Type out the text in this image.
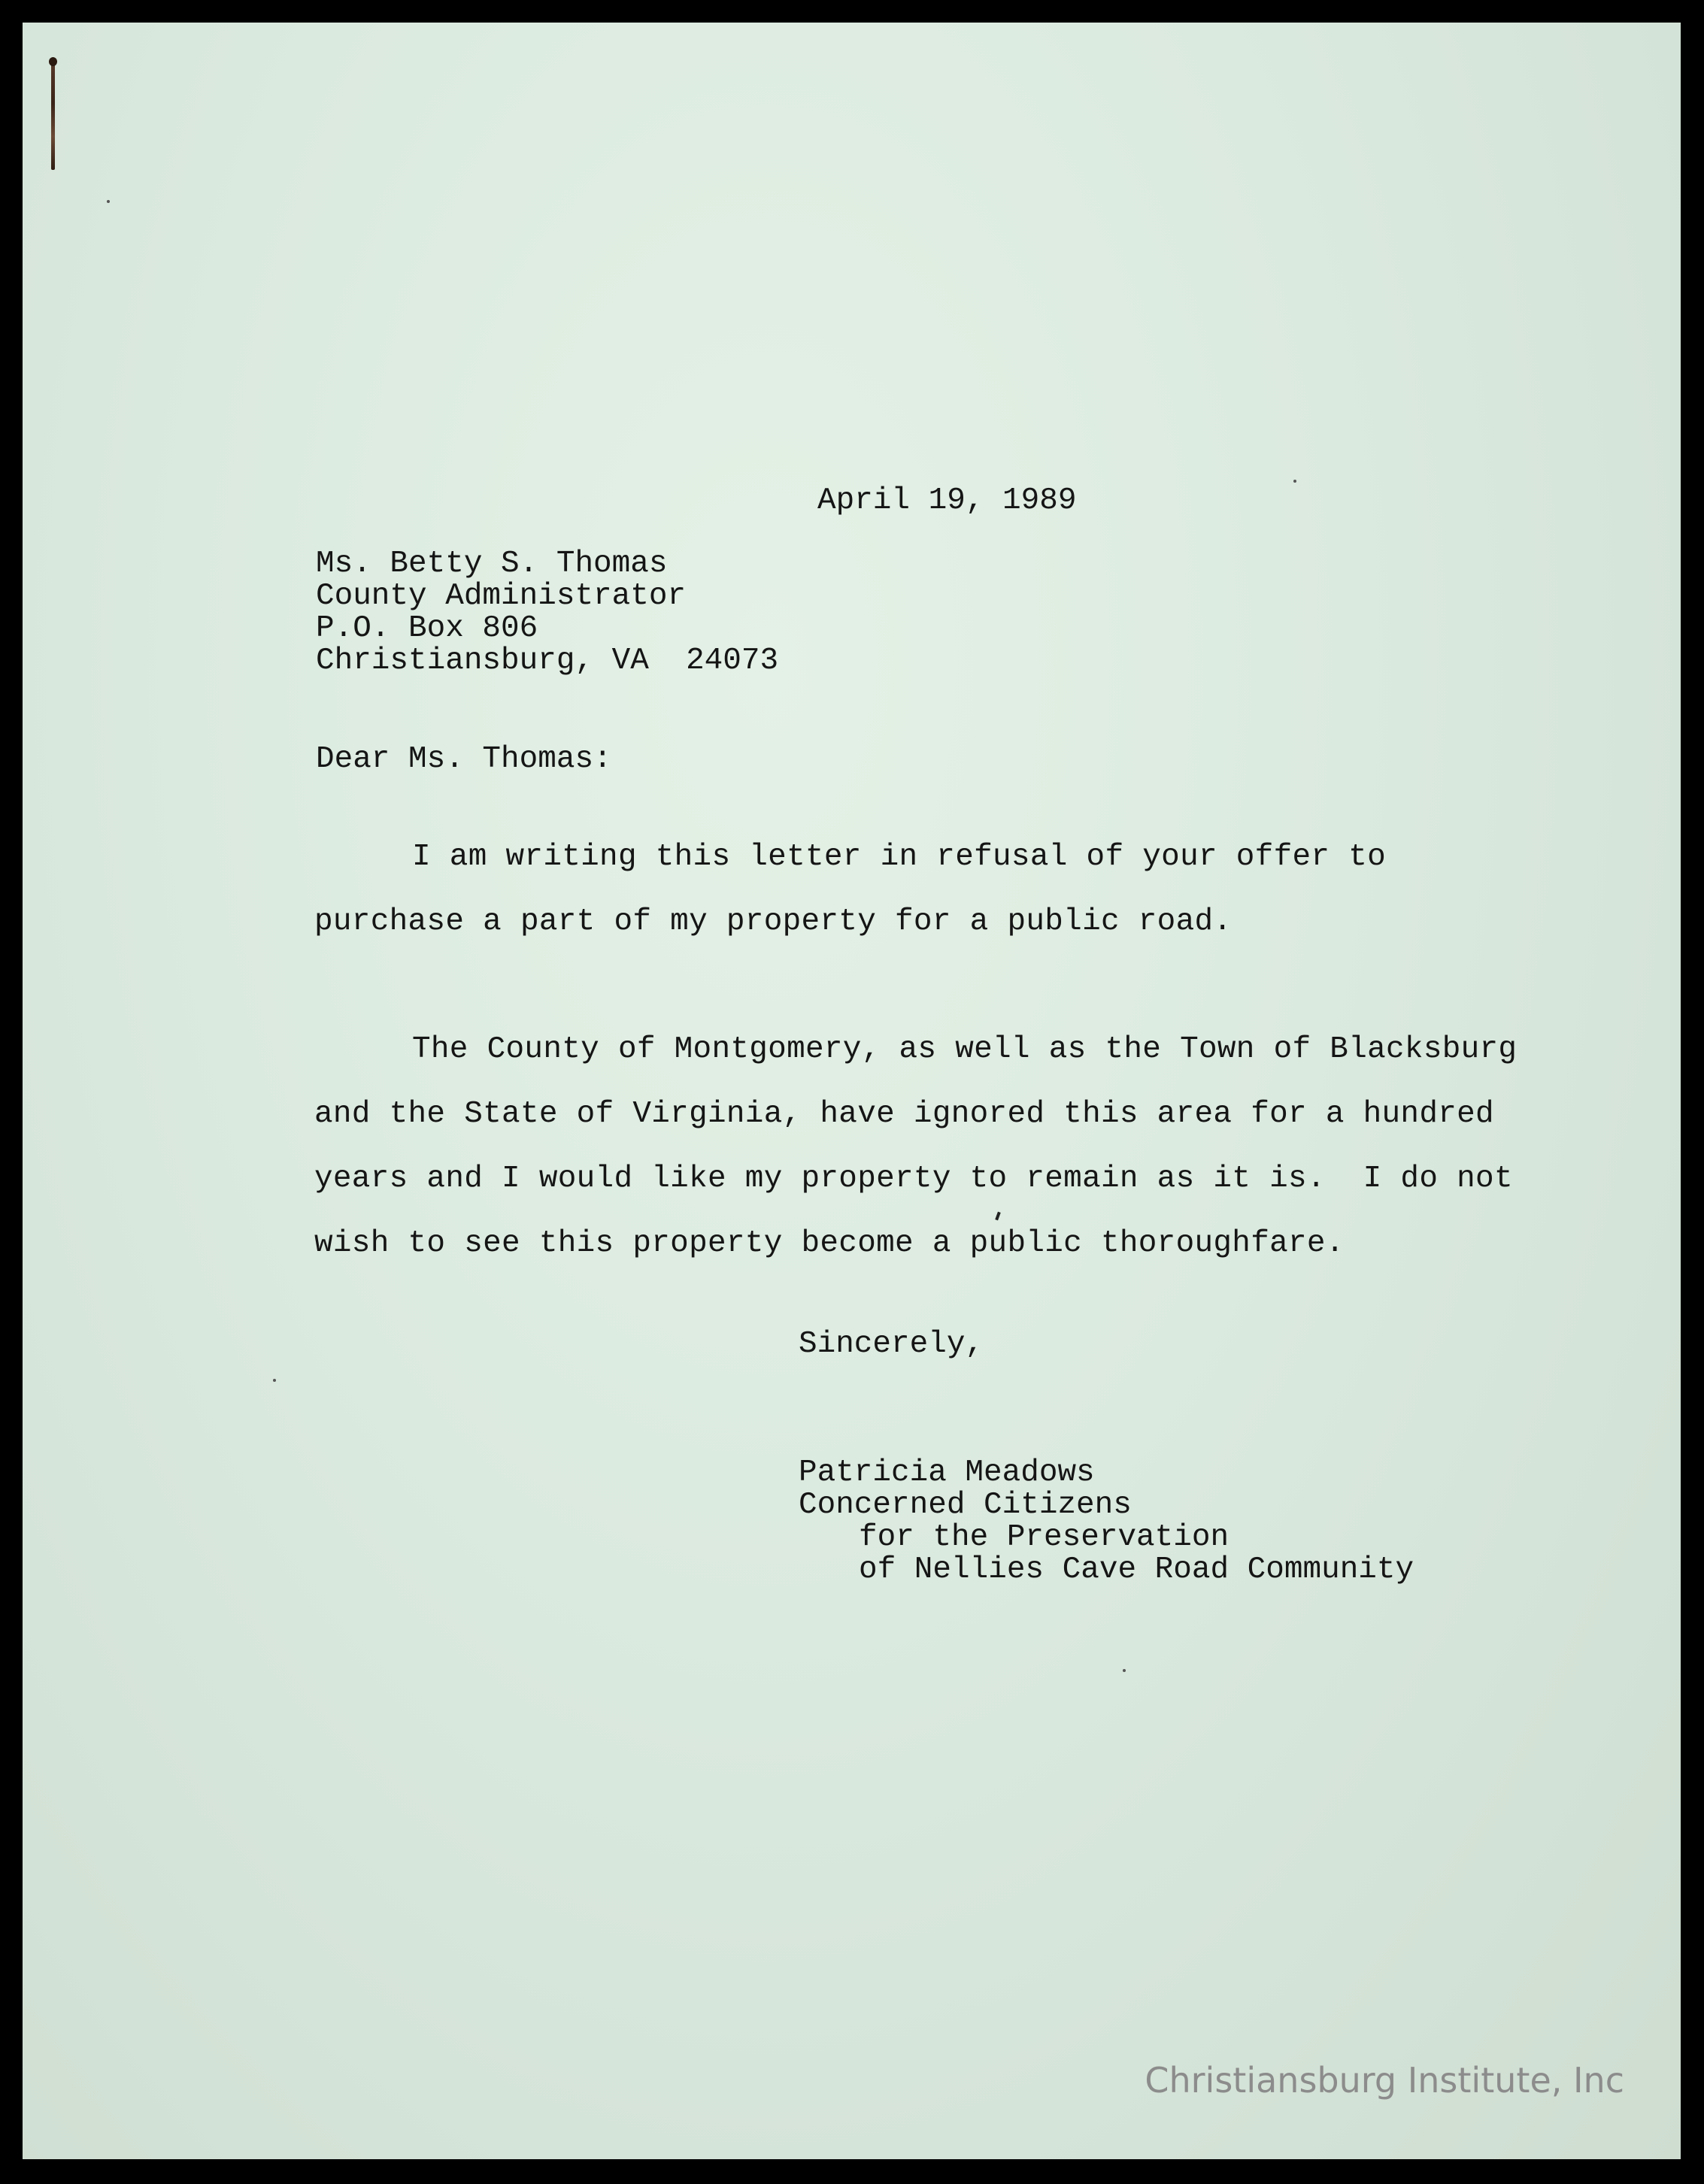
April 19, 1989
Ms. Betty S. Thomas
County Administrator
P.O. Box 806
Christiansburg, VA  24073
Dear Ms. Thomas:
I am writing this letter in refusal of your offer to
purchase a part of my property for a public road.
The County of Montgomery, as well as the Town of Blacksburg
and the State of Virginia, have ignored this area for a hundred
years and I would like my property to remain as it is.  I do not
wish to see this property become a public thoroughfare.
Sincerely,
Patricia Meadows
Concerned Citizens
for the Preservation
of Nellies Cave Road Community
Christiansburg Institute, Inc
